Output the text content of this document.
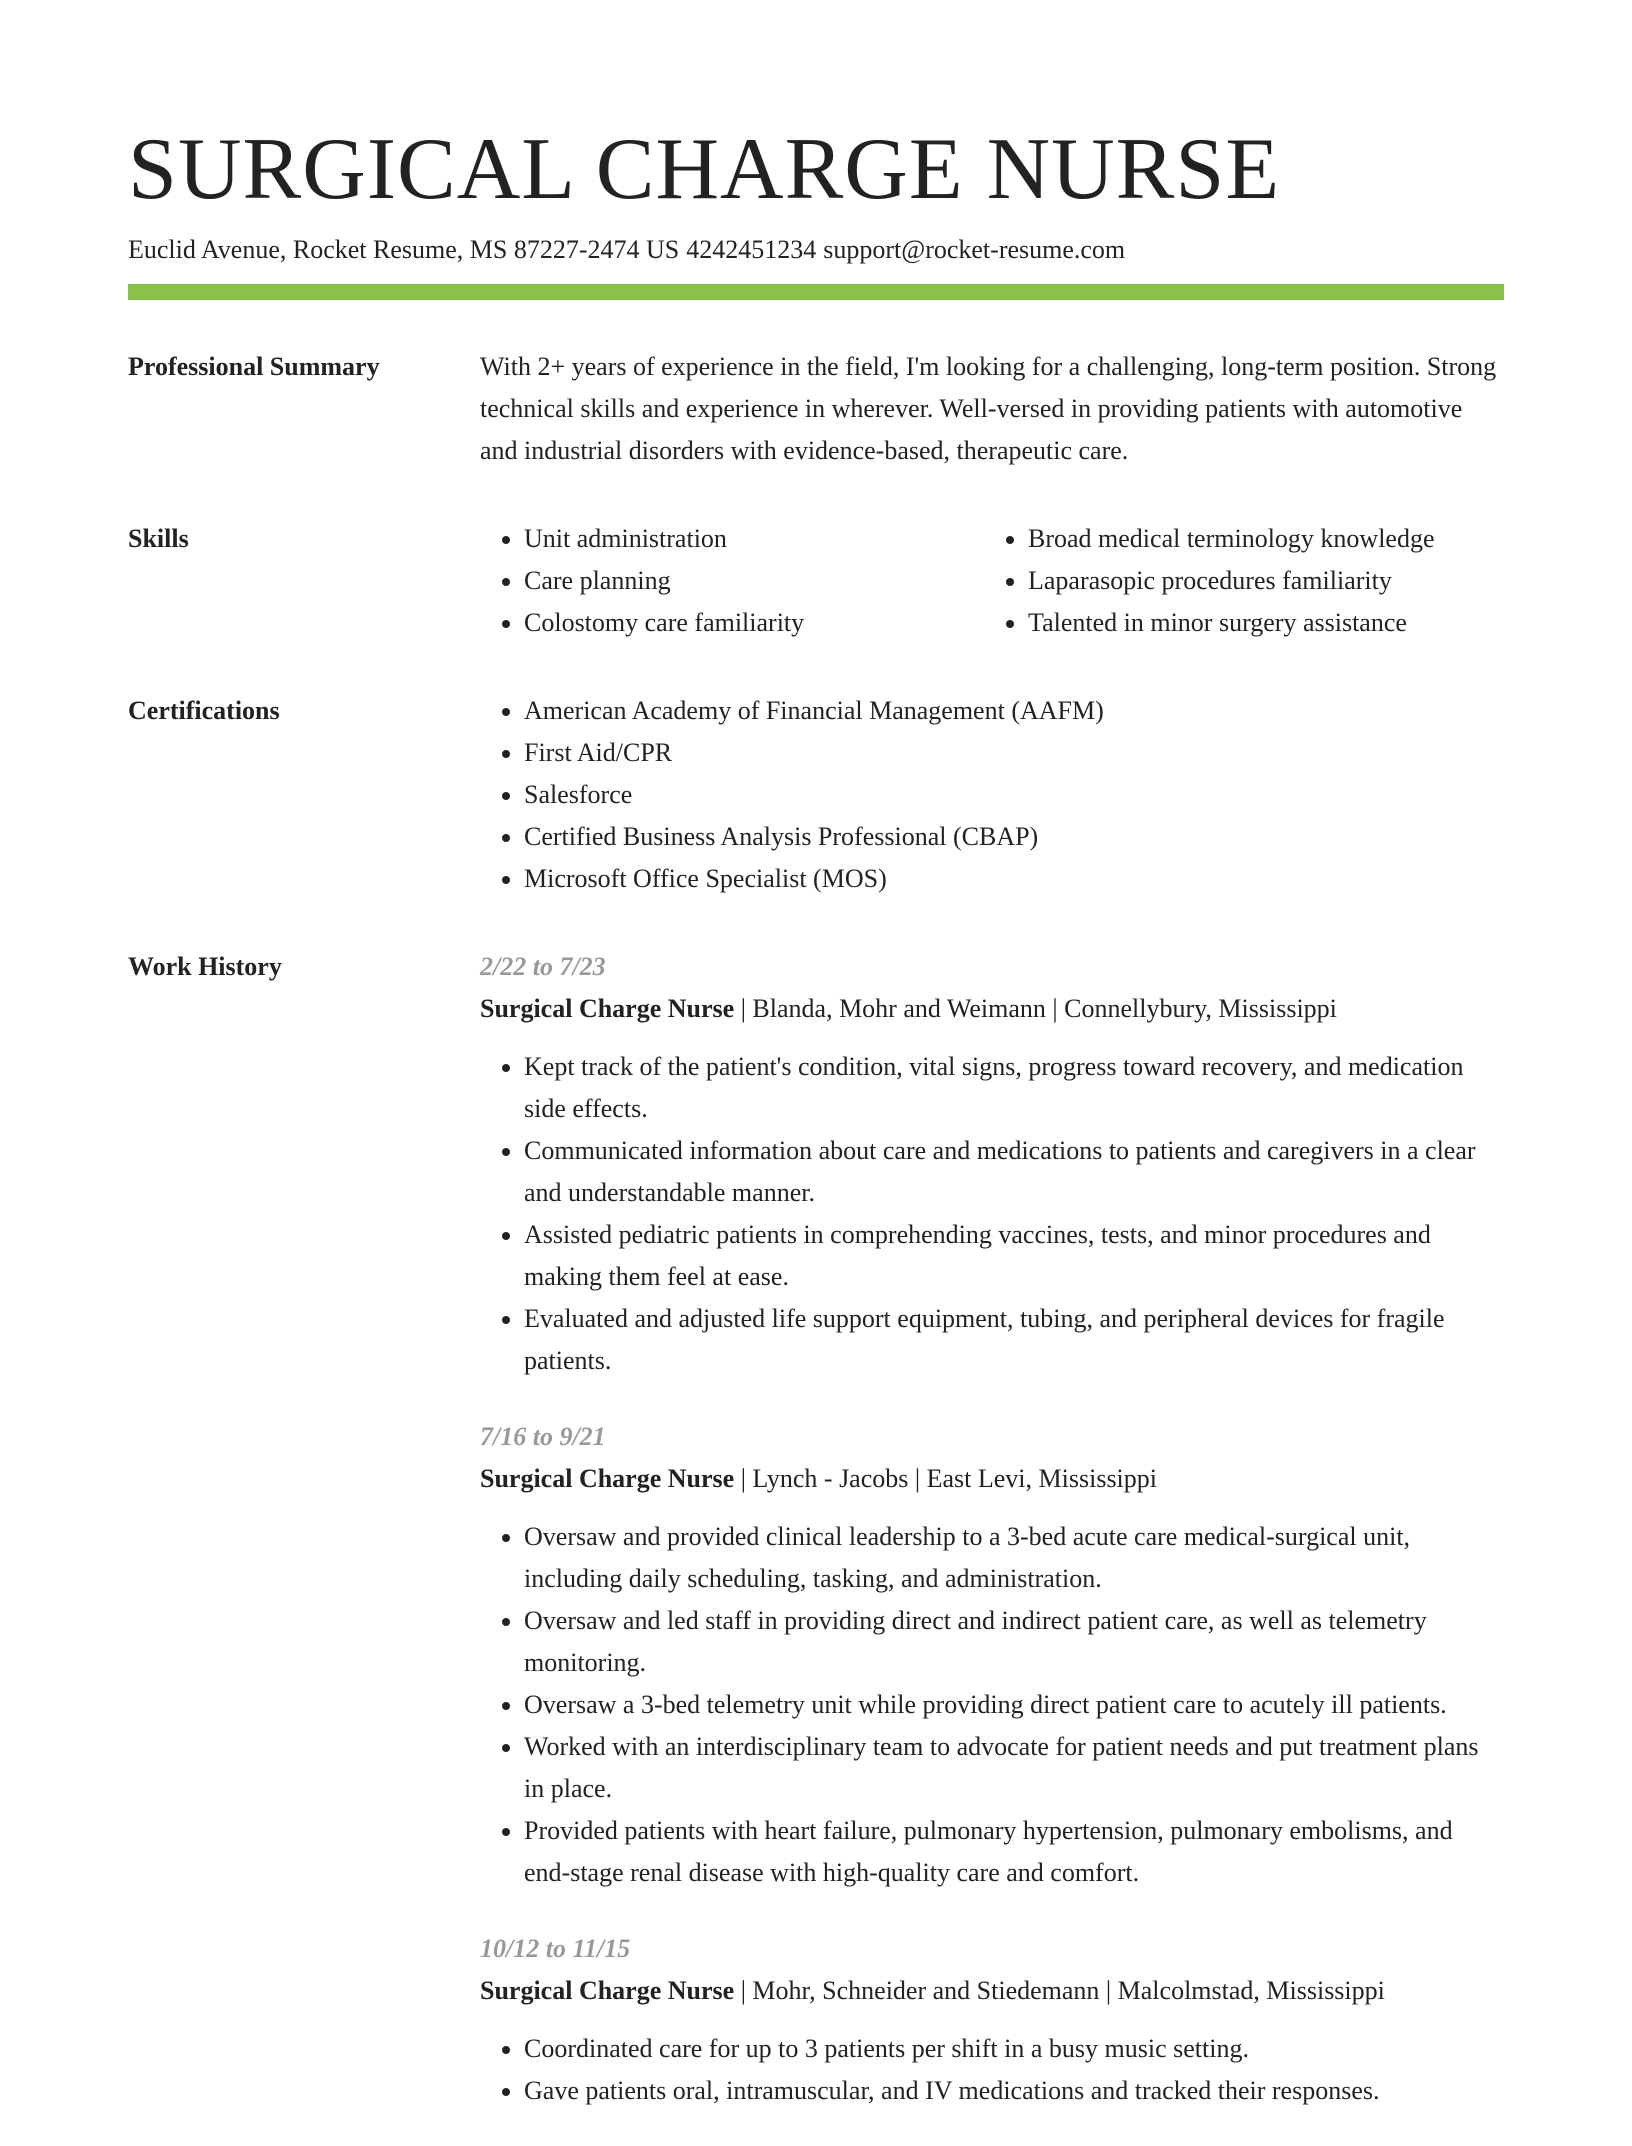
SURGICAL CHARGE NURSE
Euclid Avenue, Rocket Resume, MS 87227-2474 US 4242451234 support@rocket-resume.com
Professional Summary	With 2+ years of experience in the field, I'm looking for a challenging, long-term position. Strong technical skills and experience in wherever. Well-versed in providing patients with automotive and industrial disorders with evidence-based, therapeutic care.

Skills	• Unit administration
• Care planning
• Colostomy care familiarity
• Broad medical terminology knowledge
• Laparasopic procedures familiarity
• Talented in minor surgery assistance
Certifications	• American Academy of Financial Management (AAFM)
• First Aid/CPR
• Salesforce
• Certified Business Analysis Professional (CBAP)
• Microsoft Office Specialist (MOS)
Work History	2/22 to 7/23
Surgical Charge Nurse | Blanda, Mohr and Weimann | Connellybury, Mississippi
• Kept track of the patient's condition, vital signs, progress toward recovery, and medication side effects.
• Communicated information about care and medications to patients and caregivers in a clear and understandable manner.
• Assisted pediatric patients in comprehending vaccines, tests, and minor procedures and making them feel at ease.
• Evaluated and adjusted life support equipment, tubing, and peripheral devices for fragile patients.
7/16 to 9/21
Surgical Charge Nurse | Lynch - Jacobs | East Levi, Mississippi
• Oversaw and provided clinical leadership to a 3-bed acute care medical-surgical unit, including daily scheduling, tasking, and administration.
• Oversaw and led staff in providing direct and indirect patient care, as well as telemetry monitoring.
• Oversaw a 3-bed telemetry unit while providing direct patient care to acutely ill patients.
• Worked with an interdisciplinary team to advocate for patient needs and put treatment plans in place.
• Provided patients with heart failure, pulmonary hypertension, pulmonary embolisms, and end-stage renal disease with high-quality care and comfort.
10/12 to 11/15
Surgical Charge Nurse | Mohr, Schneider and Stiedemann | Malcolmstad, Mississippi
• Coordinated care for up to 3 patients per shift in a busy music setting.
• Gave patients oral, intramuscular, and IV medications and tracked their responses.
